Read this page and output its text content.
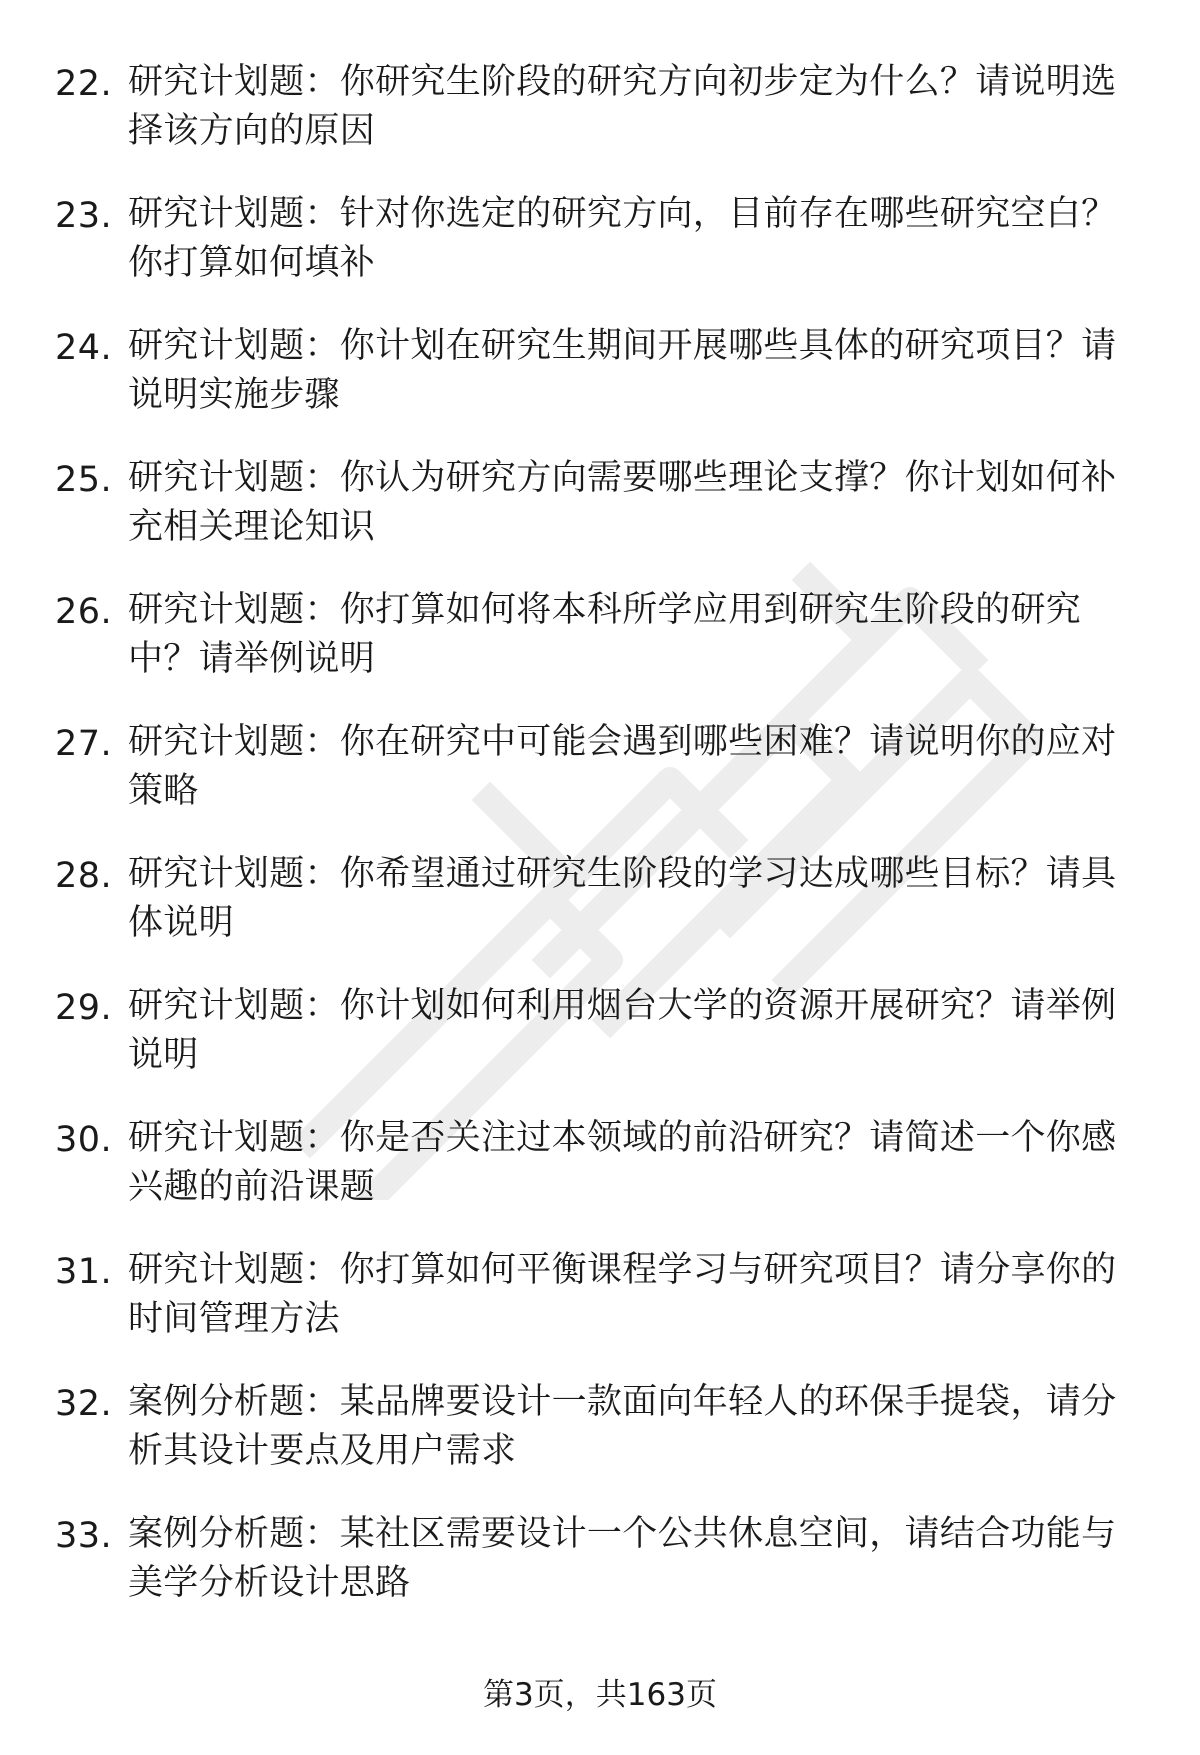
22. 研究计划题：你研究生阶段的研究方向初步定为什么？请说明选择该方向的原因
23. 研究计划题：针对你选定的研究方向，目前存在哪些研究空白？你打算如何填补
24. 研究计划题：你计划在研究生期间开展哪些具体的研究项目？请说明实施步骤
25. 研究计划题：你认为研究方向需要哪些理论支撑？你计划如何补充相关理论知识
26. 研究计划题：你打算如何将本科所学应用到研究生阶段的研究中？请举例说明
27. 研究计划题：你在研究中可能会遇到哪些困难？请说明你的应对策略
28. 研究计划题：你希望通过研究生阶段的学习达成哪些目标？请具体说明
29. 研究计划题：你计划如何利用烟台大学的资源开展研究？请举例说明
30. 研究计划题：你是否关注过本领域的前沿研究？请简述一个你感兴趣的前沿课题
31. 研究计划题：你打算如何平衡课程学习与研究项目？请分享你的时间管理方法
32. 案例分析题：某品牌要设计一款面向年轻人的环保手提袋，请分析其设计要点及用户需求
33. 案例分析题：某社区需要设计一个公共休息空间，请结合功能与美学分析设计思路
第3页，共163页
